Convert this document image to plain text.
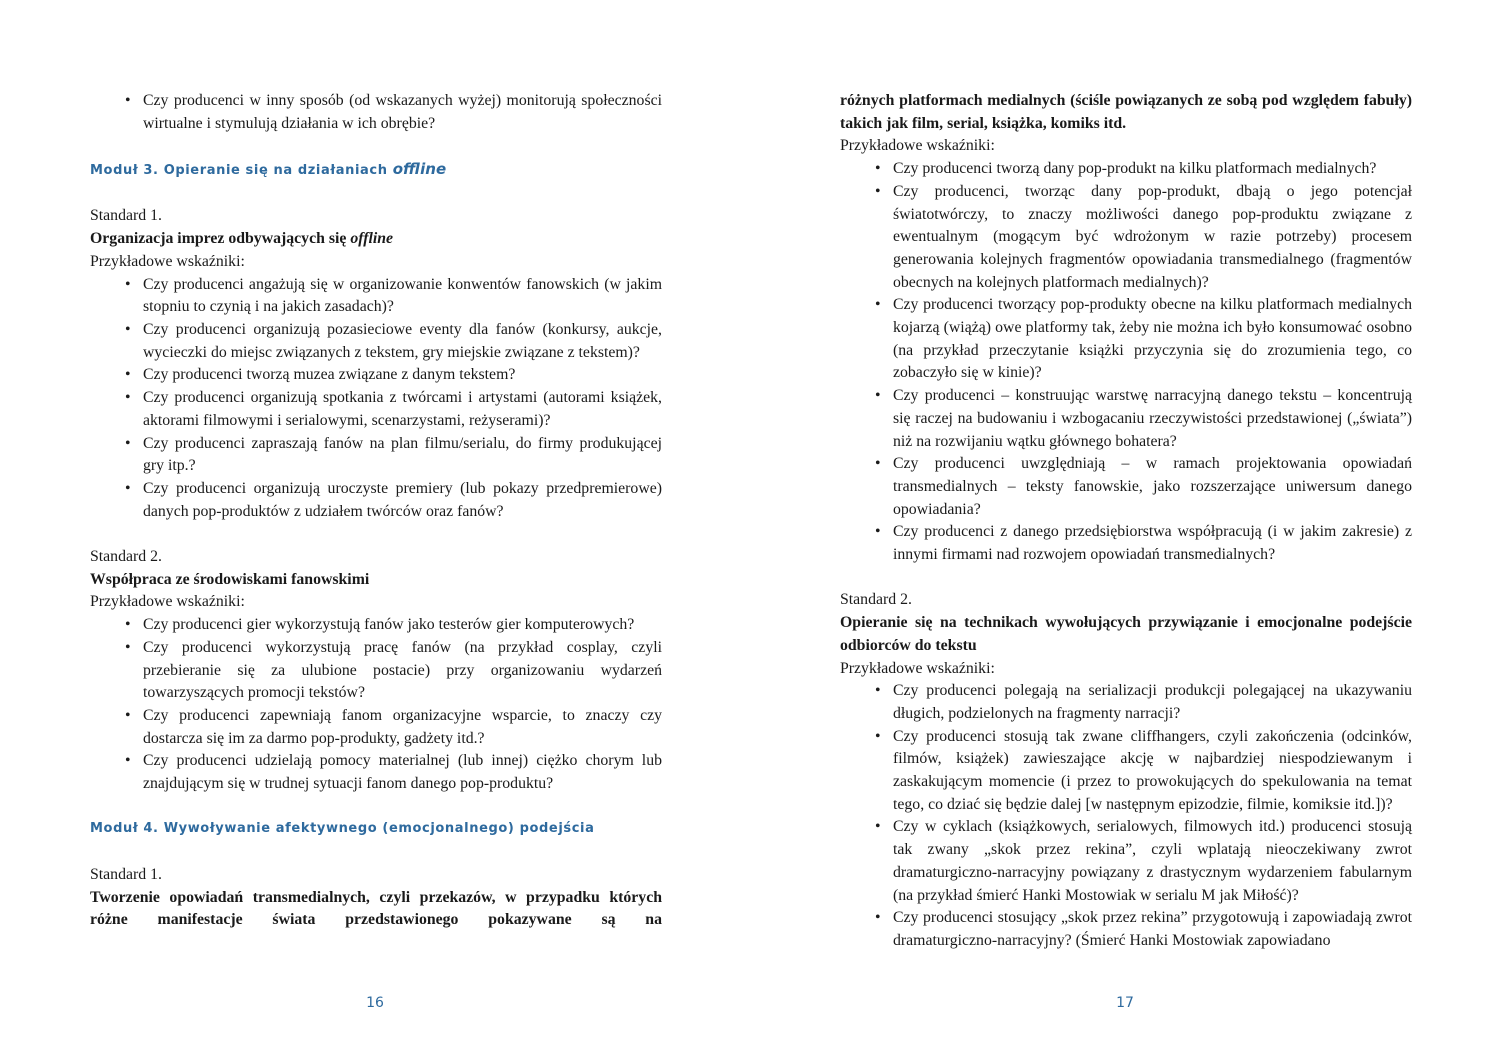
• Czy producenci w inny sposób (od wskazanych wyżej) monitorują społeczności wirtualne i stymulują działania w ich obrębie?
Moduł 3. Opieranie się na działaniach offline
Standard 1.
Organizacja imprez odbywających się offline
Przykładowe wskaźniki:
• Czy producenci angażują się w organizowanie konwentów fanowskich (w jakim stopniu to czynią i na jakich zasadach)?
• Czy producenci organizują pozasieciowe eventy dla fanów (konkursy, aukcje, wycieczki do miejsc związanych z tekstem, gry miejskie związane z tekstem)?
• Czy producenci tworzą muzea związane z danym tekstem?
• Czy producenci organizują spotkania z twórcami i artystami (autorami książek, aktorami filmowymi i serialowymi, scenarzystami, reżyserami)?
• Czy producenci zapraszają fanów na plan filmu/serialu, do firmy produkującej gry itp.?
• Czy producenci organizują uroczyste premiery (lub pokazy przedpremierowe) danych pop-produktów z udziałem twórców oraz fanów?
Standard 2.
Współpraca ze środowiskami fanowskimi
Przykładowe wskaźniki:
• Czy producenci gier wykorzystują fanów jako testerów gier komputerowych?
• Czy producenci wykorzystują pracę fanów (na przykład cosplay, czyli przebieranie się za ulubione postacie) przy organizowaniu wydarzeń towarzyszących promocji tekstów?
• Czy producenci zapewniają fanom organizacyjne wsparcie, to znaczy czy dostarcza się im za darmo pop-produkty, gadżety itd.?
• Czy producenci udzielają pomocy materialnej (lub innej) ciężko chorym lub znajdującym się w trudnej sytuacji fanom danego pop-produktu?
Moduł 4. Wywoływanie afektywnego (emocjonalnego) podejścia
Standard 1.
Tworzenie opowiadań transmedialnych, czyli przekazów, w przypadku których różne manifestacje świata przedstawionego pokazywane są na
16
różnych platformach medialnych (ściśle powiązanych ze sobą pod względem fabuły) takich jak film, serial, książka, komiks itd.
Przykładowe wskaźniki:
• Czy producenci tworzą dany pop-produkt na kilku platformach medialnych?
• Czy producenci, tworząc dany pop-produkt, dbają o jego potencjał światotwórczy, to znaczy możliwości danego pop-produktu związane z ewentualnym (mogącym być wdrożonym w razie potrzeby) procesem generowania kolejnych fragmentów opowiadania transmedialnego (fragmentów obecnych na kolejnych platformach medialnych)?
• Czy producenci tworzący pop-produkty obecne na kilku platformach medialnych kojarzą (wiążą) owe platformy tak, żeby nie można ich było konsumować osobno (na przykład przeczytanie książki przyczynia się do zrozumienia tego, co zobaczyło się w kinie)?
• Czy producenci – konstruując warstwę narracyjną danego tekstu – koncentrują się raczej na budowaniu i wzbogacaniu rzeczywistości przedstawionej („świata”) niż na rozwijaniu wątku głównego bohatera?
• Czy producenci uwzględniają – w ramach projektowania opowiadań transmedialnych – teksty fanowskie, jako rozszerzające uniwersum danego opowiadania?
• Czy producenci z danego przedsiębiorstwa współpracują (i w jakim zakresie) z innymi firmami nad rozwojem opowiadań transmedialnych?
Standard 2.
Opieranie się na technikach wywołujących przywiązanie i emocjonalne podejście odbiorców do tekstu
Przykładowe wskaźniki:
• Czy producenci polegają na serializacji produkcji polegającej na ukazywaniu długich, podzielonych na fragmenty narracji?
• Czy producenci stosują tak zwane cliffhangers, czyli zakończenia (odcinków, filmów, książek) zawieszające akcję w najbardziej niespodziewanym i zaskakującym momencie (i przez to prowokujących do spekulowania na temat tego, co dziać się będzie dalej [w następnym epizodzie, filmie, komiksie itd.])?
• Czy w cyklach (książkowych, serialowych, filmowych itd.) producenci stosują tak zwany „skok przez rekina”, czyli wplatają nieoczekiwany zwrot dramaturgiczno-narracyjny powiązany z drastycznym wydarzeniem fabularnym (na przykład śmierć Hanki Mostowiak w serialu M jak Miłość)?
• Czy producenci stosujący „skok przez rekina” przygotowują i zapowiadają zwrot dramaturgiczno-narracyjny? (Śmierć Hanki Mostowiak zapowiadano
17
